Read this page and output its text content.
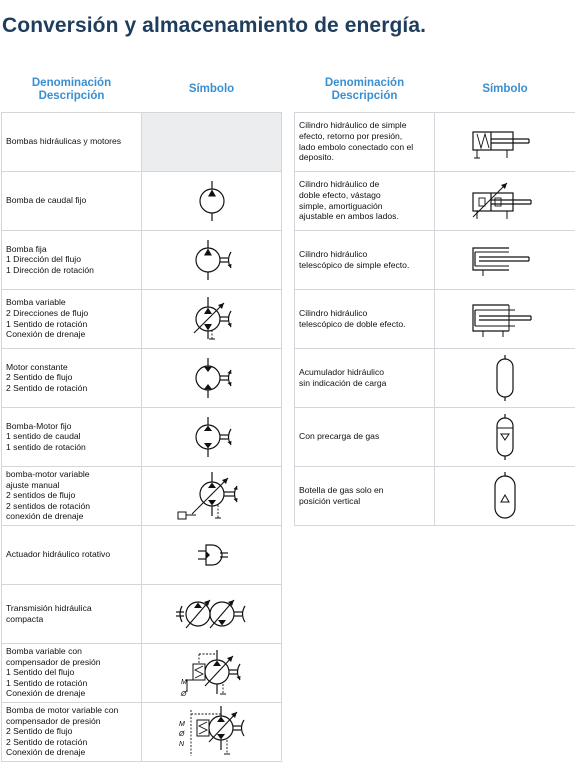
Conversión y almacenamiento de energía.
Denominación
Descripción	Símbolo

Bombas hidráulicas y motores	
Bomba de caudal fijo	

Bomba fija
1 Dirección del flujo
1 Dirección de rotación	

Bomba variable
2 Direcciones de flujo
1 Sentido de rotación
Conexión de drenaje	

Motor constante
2 Sentido de flujo
2 Sentido de rotación	

Bomba-Motor fijo
1 sentido de caudal
1 sentido de rotación	

bomba-motor variable
ajuste manual
2 sentidos de flujo
2 sentidos de rotación
conexión de drenaje	

Actuador hidráulico rotativo	

Transmisión hidráulica
compacta	

Bomba variable con
compensador de presión
1 Sentido del flujo
1 Sentido de rotación
Conexión de drenaje	M
Ø

Bomba de motor variable con
compensador de presión
2 Sentido de flujo
2 Sentido de rotación
Conexión de drenaje	M
Ø
N
Denominación
Descripción	Símbolo

Cilindro hidráulico de simple
efecto, retorno por presión,
lado embolo conectado con el
deposito.	

Cilindro hidráulico de
doble efecto, vástago
simple, amortiguación
ajustable en ambos lados.	

Cilindro hidráulico
telescópico de simple efecto.	

Cilindro hidráulico
telescópico de doble efecto.	

Acumulador hidráulico
sin indicación de carga	

Con precarga de gas	

Botella de gas solo en
posición vertical	
